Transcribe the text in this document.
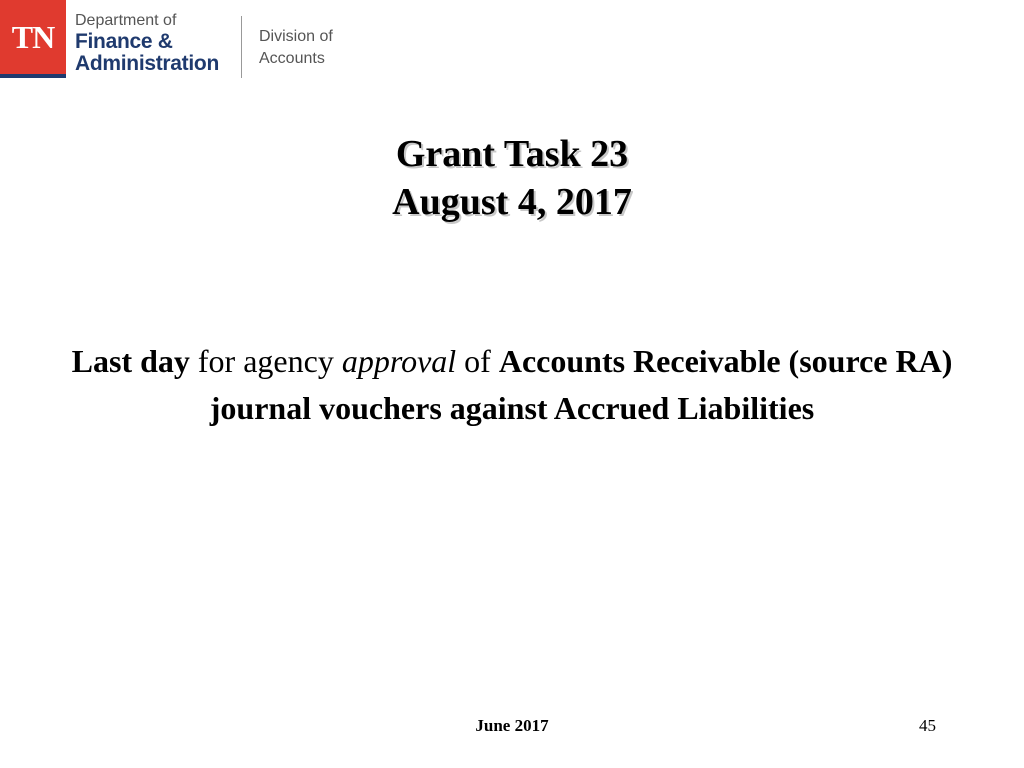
TN Department of
Finance &
Administration
Division of
Accounts
Grant Task 23
August 4, 2017
Last day for agency approval of Accounts Receivable (source RA) journal vouchers against Accrued Liabilities
June 2017	45
